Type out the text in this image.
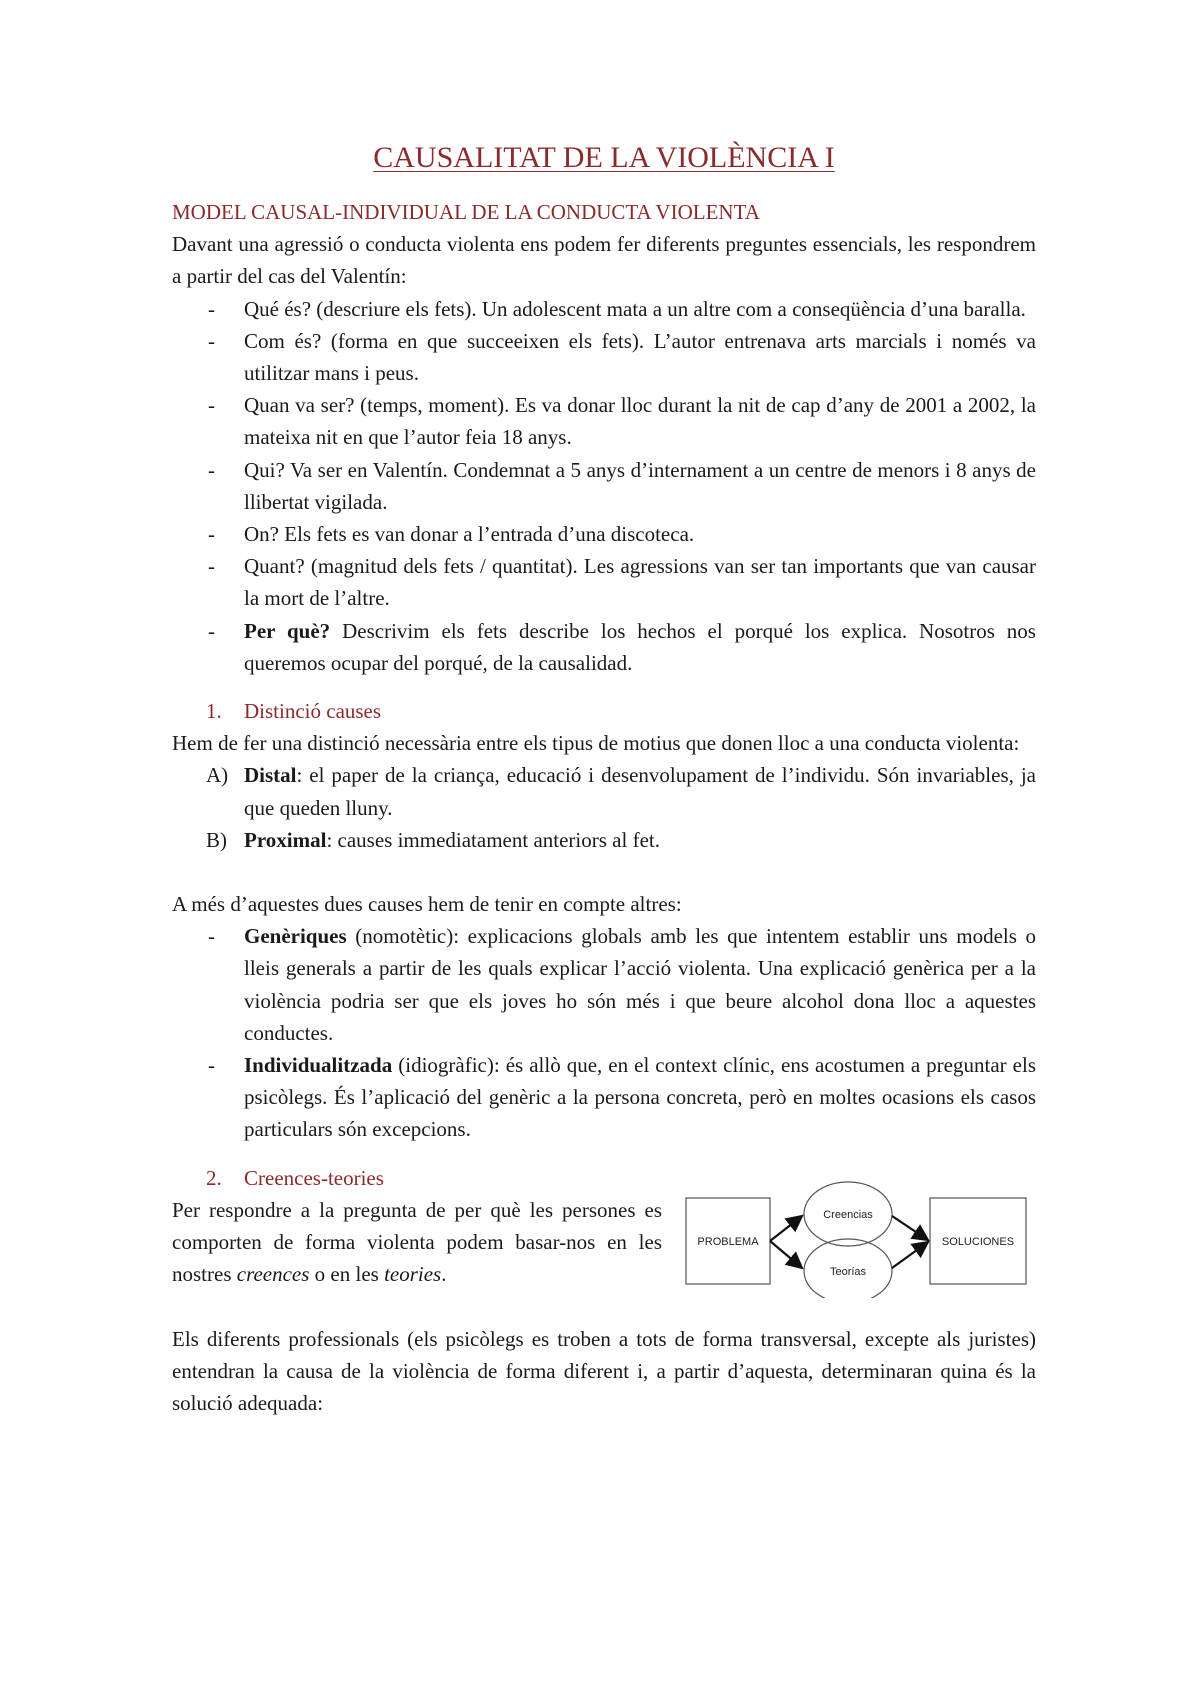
CAUSALITAT DE LA VIOLÈNCIA I
MODEL CAUSAL-INDIVIDUAL DE LA CONDUCTA VIOLENTA

Davant una agressió o conducta violenta ens podem fer diferents preguntes essencials, les respondrem a partir del cas del Valentín:

- Qué és? (descriure els fets). Un adolescent mata a un altre com a conseqüència d’una baralla.
- Com és? (forma en que succeeixen els fets). L’autor entrenava arts marcials i només va utilitzar mans i peus.
- Quan va ser? (temps, moment). Es va donar lloc durant la nit de cap d’any de 2001 a 2002, la mateixa nit en que l’autor feia 18 anys.
- Qui? Va ser en Valentín. Condemnat a 5 anys d’internament a un centre de menors i 8 anys de llibertat vigilada.
- On? Els fets es van donar a l’entrada d’una discoteca.
- Quant? (magnitud dels fets / quantitat). Les agressions van ser tan importants que van causar la mort de l’altre.
- Per què? Descrivim els fets describe los hechos el porqué los explica. Nosotros nos queremos ocupar del porqué, de la causalidad.
1. Distinció causes

Hem de fer una distinció necessària entre els tipus de motius que donen lloc a una conducta violenta:

A) Distal: el paper de la criança, educació i desenvolupament de l’individu. Són invariables, ja que queden lluny.
B) Proximal: causes immediatament anteriors al fet.

A més d’aquestes dues causes hem de tenir en compte altres:

- Genèriques (nomotètic): explicacions globals amb les que intentem establir uns models o lleis generals a partir de les quals explicar l’acció violenta. Una explicació genèrica per a la violència podria ser que els joves ho són més i que beure alcohol dona lloc a aquestes conductes.
- Individualitzada (idiogràfic): és allò que, en el context clínic, ens acostumen a preguntar els psicòlegs. És l’aplicació del genèric a la persona concreta, però en moltes ocasions els casos particulars són excepcions.
2. Creences-teories

Per respondre a la pregunta de per què les persones es comporten de forma violenta podem basar-nos en les nostres creences o en les teories.

PROBLEMA
Creencias
Teorías
SOLUCIONES

Els diferents professionals (els psicòlegs es troben a tots de forma transversal, excepte als juristes) entendran la causa de la violència de forma diferent i, a partir d’aquesta, determinaran quina és la solució adequada:
